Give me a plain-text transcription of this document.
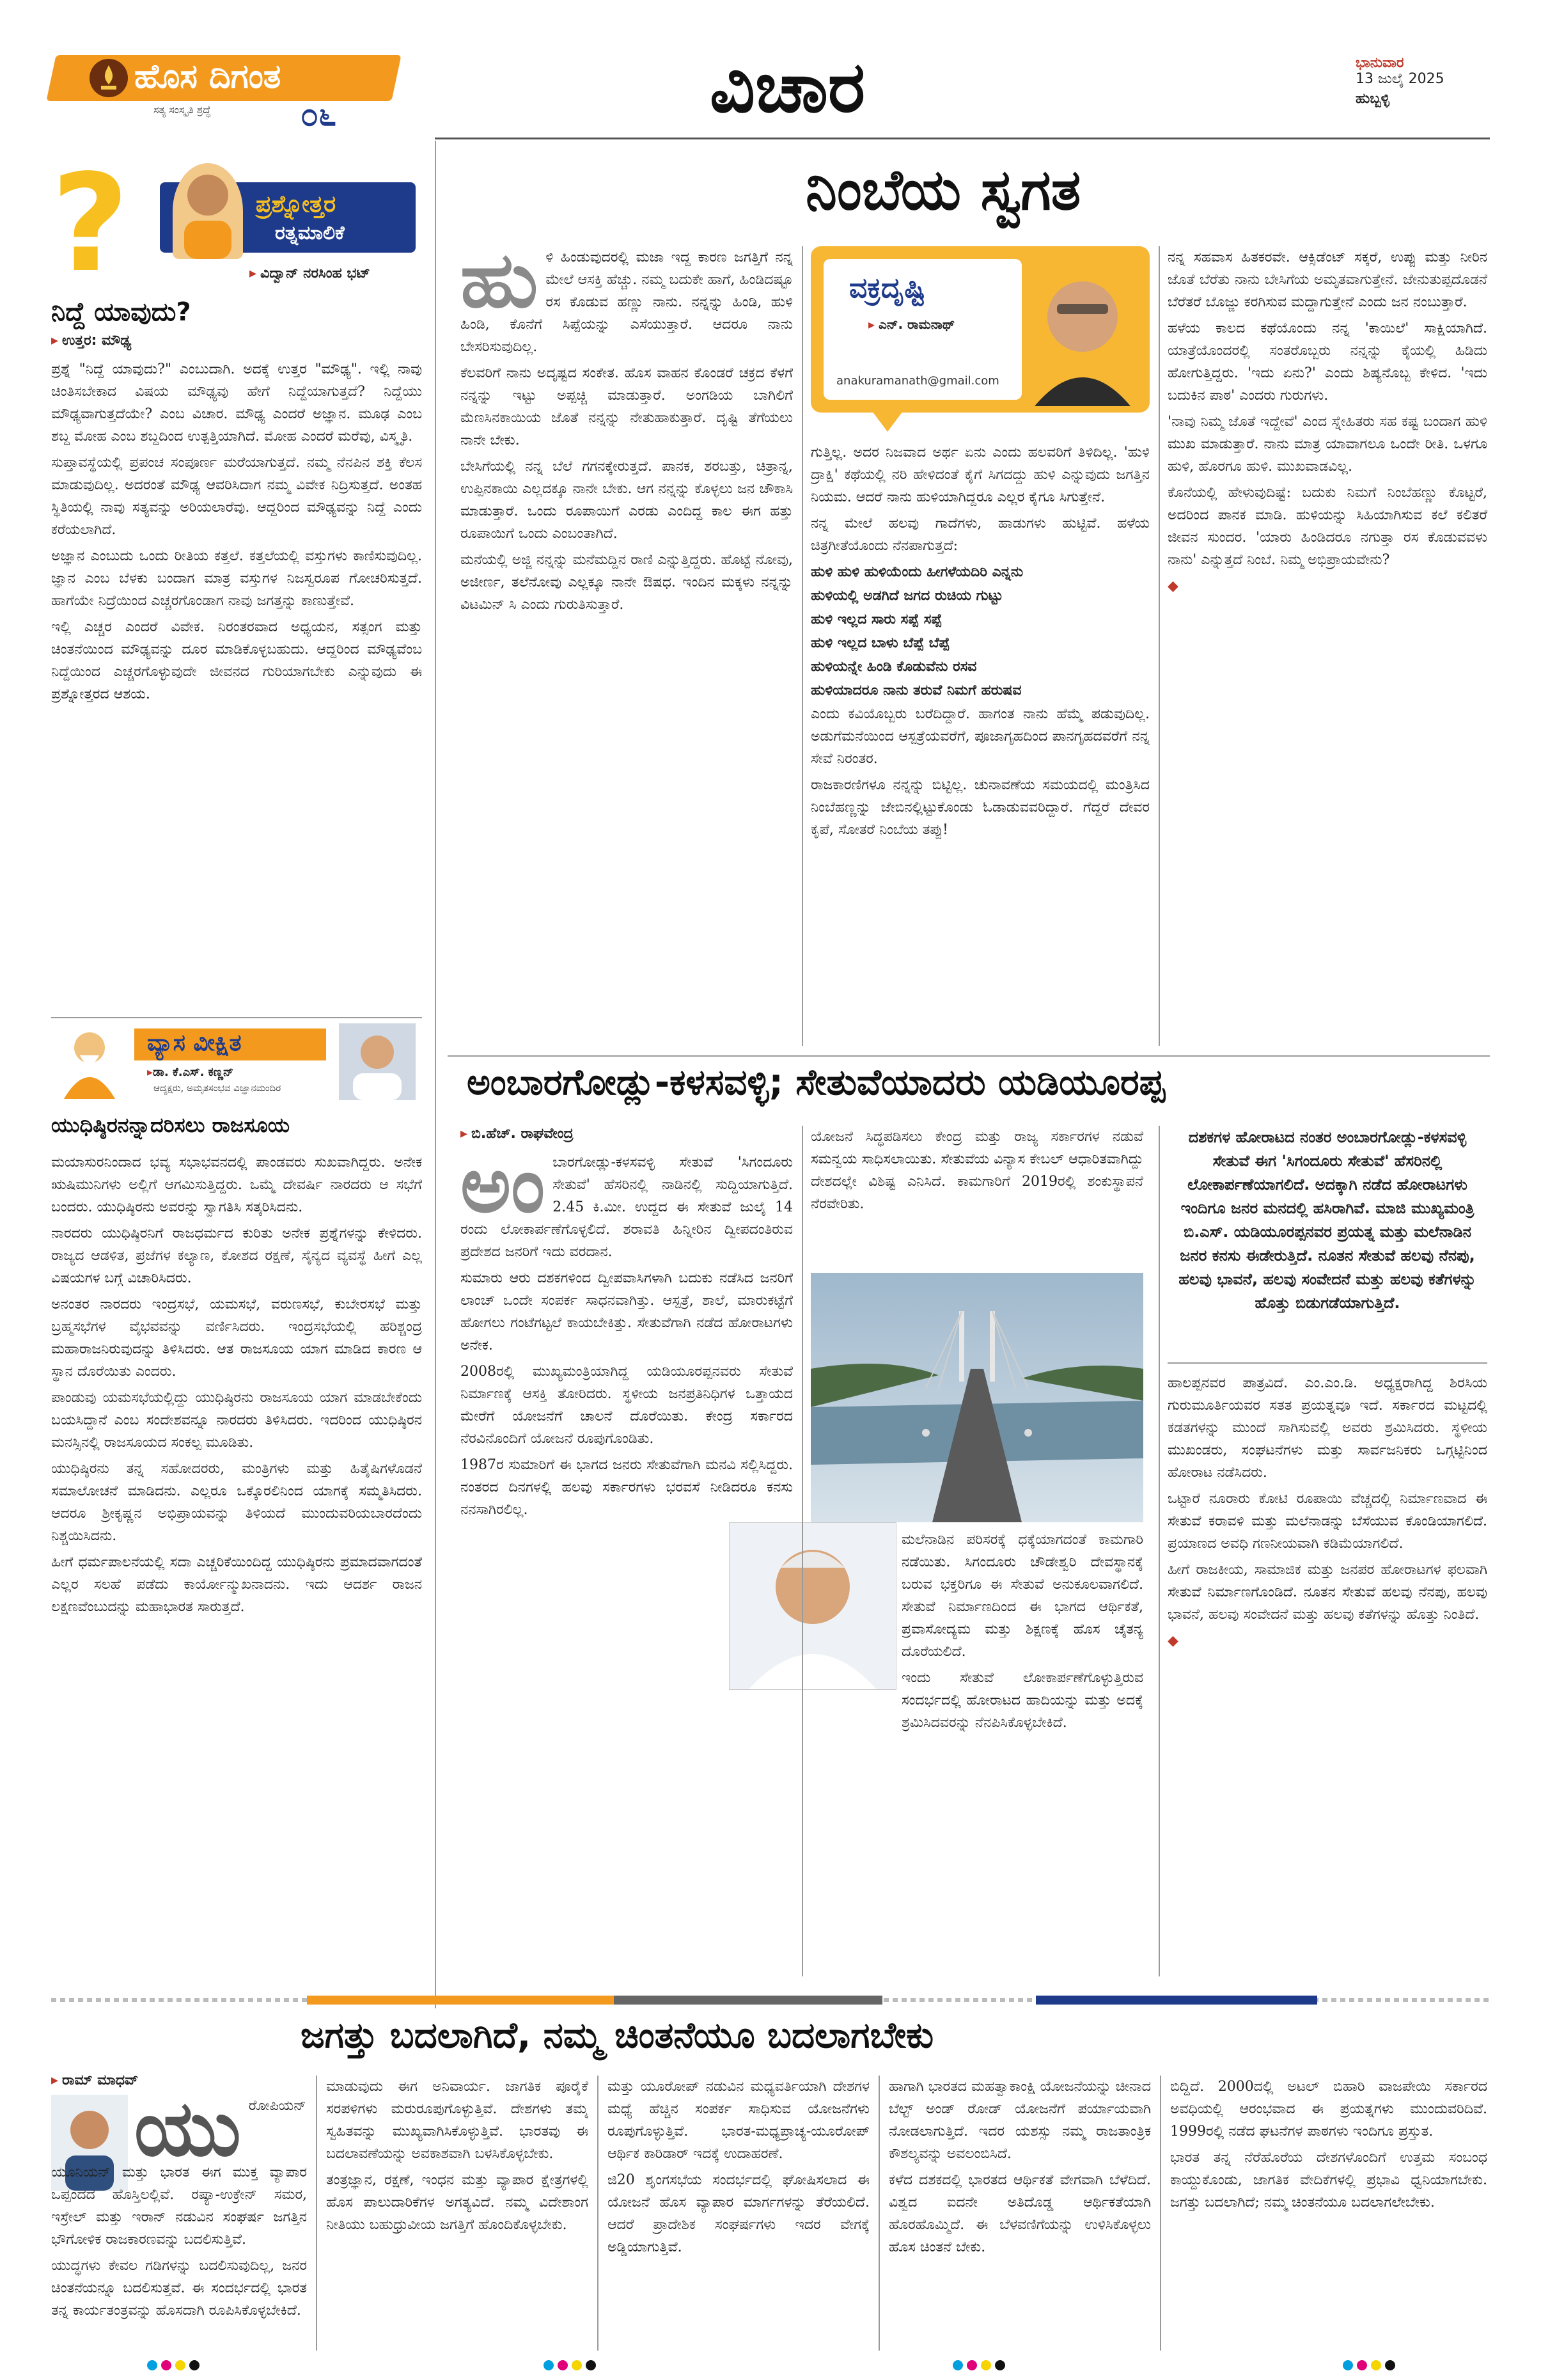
ಹೊಸ ದಿಗಂತ
ಸತ್ಯ ಸಂಸ್ಕೃತಿ ಶ್ರದ್ಧೆ	೦೬	ವಿಚಾರ	ಭಾನುವಾರ
13 ಜುಲೈ 2025
ಹುಬ್ಬಳ್ಳಿ
?	ಪ್ರಶ್ನೋತ್ತರ
ರತ್ನಮಾಲಿಕೆ
▸ ವಿದ್ವಾನ್ ನರಸಿಂಹ ಭಟ್
ನಿದ್ದೆ ಯಾವುದು?
▸ ಉತ್ತರ: ಮೌಢ್ಯ

ಪ್ರಶ್ನೆ "ನಿದ್ದೆ ಯಾವುದು?" ಎಂಬುದಾಗಿ. ಅದಕ್ಕೆ ಉತ್ತರ "ಮೌಢ್ಯ". ಇಲ್ಲಿ ನಾವು ಚಿಂತಿಸಬೇಕಾದ ವಿಷಯ ಮೌಢ್ಯವು ಹೇಗೆ ನಿದ್ದೆಯಾಗುತ್ತದೆ? ನಿದ್ದೆಯು ಮೌಢ್ಯವಾಗುತ್ತದೆಯೇ? ಎಂಬ ವಿಚಾರ. ಮೌಢ್ಯ ಎಂದರೆ ಅಜ್ಞಾನ. ಮೂಢ ಎಂಬ ಶಬ್ದ ಮೋಹ ಎಂಬ ಶಬ್ದದಿಂದ ಉತ್ಪತ್ತಿಯಾಗಿದೆ. ಮೋಹ ಎಂದರೆ ಮರೆವು, ವಿಸ್ಮೃತಿ.

ಸುಪ್ತಾವಸ್ಥೆಯಲ್ಲಿ ಪ್ರಪಂಚ ಸಂಪೂರ್ಣ ಮರೆಯಾಗುತ್ತದೆ. ನಮ್ಮ ನೆನಪಿನ ಶಕ್ತಿ ಕೆಲಸ ಮಾಡುವುದಿಲ್ಲ. ಅದರಂತೆ ಮೌಢ್ಯ ಆವರಿಸಿದಾಗ ನಮ್ಮ ವಿವೇಕ ನಿದ್ರಿಸುತ್ತದೆ. ಅಂತಹ ಸ್ಥಿತಿಯಲ್ಲಿ ನಾವು ಸತ್ಯವನ್ನು ಅರಿಯಲಾರೆವು. ಆದ್ದರಿಂದ ಮೌಢ್ಯವನ್ನು ನಿದ್ದೆ ಎಂದು ಕರೆಯಲಾಗಿದೆ.

ಅಜ್ಞಾನ ಎಂಬುದು ಒಂದು ರೀತಿಯ ಕತ್ತಲೆ. ಕತ್ತಲೆಯಲ್ಲಿ ವಸ್ತುಗಳು ಕಾಣಿಸುವುದಿಲ್ಲ. ಜ್ಞಾನ ಎಂಬ ಬೆಳಕು ಬಂದಾಗ ಮಾತ್ರ ವಸ್ತುಗಳ ನಿಜಸ್ವರೂಪ ಗೋಚರಿಸುತ್ತದೆ. ಹಾಗೆಯೇ ನಿದ್ರೆಯಿಂದ ಎಚ್ಚರಗೊಂಡಾಗ ನಾವು ಜಗತ್ತನ್ನು ಕಾಣುತ್ತೇವೆ.

ಇಲ್ಲಿ ಎಚ್ಚರ ಎಂದರೆ ವಿವೇಕ. ನಿರಂತರವಾದ ಅಧ್ಯಯನ, ಸತ್ಸಂಗ ಮತ್ತು ಚಿಂತನೆಯಿಂದ ಮೌಢ್ಯವನ್ನು ದೂರ ಮಾಡಿಕೊಳ್ಳಬಹುದು. ಆದ್ದರಿಂದ ಮೌಢ್ಯವೆಂಬ ನಿದ್ದೆಯಿಂದ ಎಚ್ಚರಗೊಳ್ಳುವುದೇ ಜೀವನದ ಗುರಿಯಾಗಬೇಕು ಎನ್ನುವುದು ಈ ಪ್ರಶ್ನೋತ್ತರದ ಆಶಯ.

ವ್ಯಾಸ ವೀಕ್ಷಿತ
▸ಡಾ. ಕೆ.ಎಸ್. ಕಣ್ಣನ್
ಆದ್ಯಕ್ಷರು, ಅಮೃತಸಂಭವ ವಿಜ್ಞಾನಮಂದಿರ
ಯುಧಿಷ್ಠಿರನನ್ನಾದರಿಸಲು ರಾಜಸೂಯ

ಮಯಾಸುರನಿಂದಾದ ಭವ್ಯ ಸಭಾಭವನದಲ್ಲಿ ಪಾಂಡವರು ಸುಖವಾಗಿದ್ದರು. ಅನೇಕ ಋಷಿಮುನಿಗಳು ಅಲ್ಲಿಗೆ ಆಗಮಿಸುತ್ತಿದ್ದರು. ಒಮ್ಮೆ ದೇವರ್ಷಿ ನಾರದರು ಆ ಸಭೆಗೆ ಬಂದರು. ಯುಧಿಷ್ಠಿರನು ಅವರನ್ನು ಸ್ವಾಗತಿಸಿ ಸತ್ಕರಿಸಿದನು.

ನಾರದರು ಯುಧಿಷ್ಠಿರನಿಗೆ ರಾಜಧರ್ಮದ ಕುರಿತು ಅನೇಕ ಪ್ರಶ್ನೆಗಳನ್ನು ಕೇಳಿದರು. ರಾಜ್ಯದ ಆಡಳಿತ, ಪ್ರಜೆಗಳ ಕಲ್ಯಾಣ, ಕೋಶದ ರಕ್ಷಣೆ, ಸೈನ್ಯದ ವ್ಯವಸ್ಥೆ ಹೀಗೆ ಎಲ್ಲ ವಿಷಯಗಳ ಬಗ್ಗೆ ವಿಚಾರಿಸಿದರು.

ಅನಂತರ ನಾರದರು ಇಂದ್ರಸಭೆ, ಯಮಸಭೆ, ವರುಣಸಭೆ, ಕುಬೇರಸಭೆ ಮತ್ತು ಬ್ರಹ್ಮಸಭೆಗಳ ವೈಭವವನ್ನು ವರ್ಣಿಸಿದರು. ಇಂದ್ರಸಭೆಯಲ್ಲಿ ಹರಿಶ್ಚಂದ್ರ ಮಹಾರಾಜನಿರುವುದನ್ನು ತಿಳಿಸಿದರು. ಆತ ರಾಜಸೂಯ ಯಾಗ ಮಾಡಿದ ಕಾರಣ ಆ ಸ್ಥಾನ ದೊರೆಯಿತು ಎಂದರು.

ಪಾಂಡುವು ಯಮಸಭೆಯಲ್ಲಿದ್ದು ಯುಧಿಷ್ಠಿರನು ರಾಜಸೂಯ ಯಾಗ ಮಾಡಬೇಕೆಂದು ಬಯಸಿದ್ದಾನೆ ಎಂಬ ಸಂದೇಶವನ್ನೂ ನಾರದರು ತಿಳಿಸಿದರು. ಇದರಿಂದ ಯುಧಿಷ್ಠಿರನ ಮನಸ್ಸಿನಲ್ಲಿ ರಾಜಸೂಯದ ಸಂಕಲ್ಪ ಮೂಡಿತು.

ಯುಧಿಷ್ಠಿರನು ತನ್ನ ಸಹೋದರರು, ಮಂತ್ರಿಗಳು ಮತ್ತು ಹಿತೈಷಿಗಳೊಡನೆ ಸಮಾಲೋಚನೆ ಮಾಡಿದನು. ಎಲ್ಲರೂ ಒಕ್ಕೊರಲಿನಿಂದ ಯಾಗಕ್ಕೆ ಸಮ್ಮತಿಸಿದರು. ಆದರೂ ಶ್ರೀಕೃಷ್ಣನ ಅಭಿಪ್ರಾಯವನ್ನು ತಿಳಿಯದೆ ಮುಂದುವರಿಯಬಾರದೆಂದು ನಿಶ್ಚಯಿಸಿದನು.

ಹೀಗೆ ಧರ್ಮಪಾಲನೆಯಲ್ಲಿ ಸದಾ ಎಚ್ಚರಿಕೆಯಿಂದಿದ್ದ ಯುಧಿಷ್ಠಿರನು ಪ್ರಮಾದವಾಗದಂತೆ ಎಲ್ಲರ ಸಲಹೆ ಪಡೆದು ಕಾರ್ಯೋನ್ಮುಖನಾದನು. ಇದು ಆದರ್ಶ ರಾಜನ ಲಕ್ಷಣವೆಂಬುದನ್ನು ಮಹಾಭಾರತ ಸಾರುತ್ತದೆ.

ನಿಂಬೆಯ ಸ್ವಗತ
ಹು ಳಿ ಹಿಂಡುವುದರಲ್ಲಿ ಮಜಾ ಇದ್ದ ಕಾರಣ ಜಗತ್ತಿಗೆ ನನ್ನ ಮೇಲೆ ಆಸಕ್ತಿ ಹೆಚ್ಚು. ನಮ್ಮ ಬದುಕೇ ಹಾಗೆ, ಹಿಂಡಿದಷ್ಟೂ ರಸ ಕೊಡುವ ಹಣ್ಣು ನಾನು. ನನ್ನನ್ನು ಹಿಂಡಿ, ಹುಳಿ ಹಿಂಡಿ, ಕೊನೆಗೆ ಸಿಪ್ಪೆಯನ್ನು ಎಸೆಯುತ್ತಾರೆ. ಆದರೂ ನಾನು ಬೇಸರಿಸುವುದಿಲ್ಲ.

ಕೆಲವರಿಗೆ ನಾನು ಅದೃಷ್ಟದ ಸಂಕೇತ. ಹೊಸ ವಾಹನ ಕೊಂಡರೆ ಚಕ್ರದ ಕೆಳಗೆ ನನ್ನನ್ನು ಇಟ್ಟು ಅಪ್ಪಚ್ಚಿ ಮಾಡುತ್ತಾರೆ. ಅಂಗಡಿಯ ಬಾಗಿಲಿಗೆ ಮೆಣಸಿನಕಾಯಿಯ ಜೊತೆ ನನ್ನನ್ನು ನೇತುಹಾಕುತ್ತಾರೆ. ದೃಷ್ಟಿ ತೆಗೆಯಲು ನಾನೇ ಬೇಕು.

ಬೇಸಿಗೆಯಲ್ಲಿ ನನ್ನ ಬೆಲೆ ಗಗನಕ್ಕೇರುತ್ತದೆ. ಪಾನಕ, ಶರಬತ್ತು, ಚಿತ್ರಾನ್ನ, ಉಪ್ಪಿನಕಾಯಿ ಎಲ್ಲದಕ್ಕೂ ನಾನೇ ಬೇಕು. ಆಗ ನನ್ನನ್ನು ಕೊಳ್ಳಲು ಜನ ಚೌಕಾಸಿ ಮಾಡುತ್ತಾರೆ. ಒಂದು ರೂಪಾಯಿಗೆ ಎರಡು ಎಂದಿದ್ದ ಕಾಲ ಈಗ ಹತ್ತು ರೂಪಾಯಿಗೆ ಒಂದು ಎಂಬಂತಾಗಿದೆ.

ಮನೆಯಲ್ಲಿ ಅಜ್ಜಿ ನನ್ನನ್ನು ಮನೆಮದ್ದಿನ ರಾಣಿ ಎನ್ನುತ್ತಿದ್ದರು. ಹೊಟ್ಟೆ ನೋವು, ಅಜೀರ್ಣ, ತಲೆನೋವು ಎಲ್ಲಕ್ಕೂ ನಾನೇ ಔಷಧ. ಇಂದಿನ ಮಕ್ಕಳು ನನ್ನನ್ನು ವಿಟಮಿನ್ ಸಿ ಎಂದು ಗುರುತಿಸುತ್ತಾರೆ.

ವಕ್ರದೃಷ್ಟಿ
▸ ಎನ್. ರಾಮನಾಥ್
anakuramanath@gmail.com

ಗುತ್ತಿಲ್ಲ. ಅದರ ನಿಜವಾದ ಅರ್ಥ ಏನು ಎಂದು ಹಲವರಿಗೆ ತಿಳಿದಿಲ್ಲ. 'ಹುಳಿ ದ್ರಾಕ್ಷಿ' ಕಥೆಯಲ್ಲಿ ನರಿ ಹೇಳಿದಂತೆ ಕೈಗೆ ಸಿಗದದ್ದು ಹುಳಿ ಎನ್ನುವುದು ಜಗತ್ತಿನ ನಿಯಮ. ಆದರೆ ನಾನು ಹುಳಿಯಾಗಿದ್ದರೂ ಎಲ್ಲರ ಕೈಗೂ ಸಿಗುತ್ತೇನೆ.

ನನ್ನ ಮೇಲೆ ಹಲವು ಗಾದೆಗಳು, ಹಾಡುಗಳು ಹುಟ್ಟಿವೆ. ಹಳೆಯ ಚಿತ್ರಗೀತೆಯೊಂದು ನೆನಪಾಗುತ್ತದೆ:

ಹುಳಿ ಹುಳಿ ಹುಳಿಯೆಂದು ಹೀಗಳೆಯದಿರಿ ಎನ್ನನು

ಹುಳಿಯಲ್ಲಿ ಅಡಗಿದೆ ಜಗದ ರುಚಿಯ ಗುಟ್ಟು

ಹುಳಿ ಇಲ್ಲದ ಸಾರು ಸಪ್ಪೆ ಸಪ್ಪೆ

ಹುಳಿ ಇಲ್ಲದ ಬಾಳು ಬೆಪ್ಪೆ ಬೆಪ್ಪೆ

ಹುಳಿಯನ್ನೇ ಹಿಂಡಿ ಕೊಡುವೆನು ರಸವ

ಹುಳಿಯಾದರೂ ನಾನು ತರುವೆ ನಿಮಗೆ ಹರುಷವ

ಎಂದು ಕವಿಯೊಬ್ಬರು ಬರೆದಿದ್ದಾರೆ. ಹಾಗಂತ ನಾನು ಹೆಮ್ಮೆ ಪಡುವುದಿಲ್ಲ. ಅಡುಗೆಮನೆಯಿಂದ ಆಸ್ಪತ್ರೆಯವರೆಗೆ, ಪೂಜಾಗೃಹದಿಂದ ಪಾನಗೃಹದವರೆಗೆ ನನ್ನ ಸೇವೆ ನಿರಂತರ.

ರಾಜಕಾರಣಿಗಳೂ ನನ್ನನ್ನು ಬಿಟ್ಟಿಲ್ಲ. ಚುನಾವಣೆಯ ಸಮಯದಲ್ಲಿ ಮಂತ್ರಿಸಿದ ನಿಂಬೆಹಣ್ಣನ್ನು ಜೇಬಿನಲ್ಲಿಟ್ಟುಕೊಂಡು ಓಡಾಡುವವರಿದ್ದಾರೆ. ಗೆದ್ದರೆ ದೇವರ ಕೃಪೆ, ಸೋತರೆ ನಿಂಬೆಯ ತಪ್ಪು!

ನನ್ನ ಸಹವಾಸ ಹಿತಕರವೇ. ಆಕ್ಸಿಡೆಂಟ್ ಸಕ್ಕರೆ, ಉಪ್ಪು ಮತ್ತು ನೀರಿನ ಜೊತೆ ಬೆರೆತು ನಾನು ಬೇಸಿಗೆಯ ಅಮೃತವಾಗುತ್ತೇನೆ. ಜೇನುತುಪ್ಪದೊಡನೆ ಬೆರೆತರೆ ಬೊಜ್ಜು ಕರಗಿಸುವ ಮದ್ದಾಗುತ್ತೇನೆ ಎಂದು ಜನ ನಂಬುತ್ತಾರೆ.

ಹಳೆಯ ಕಾಲದ ಕಥೆಯೊಂದು ನನ್ನ 'ಕಾಯಿಲೆ' ಸಾಕ್ಷಿಯಾಗಿದೆ. ಯಾತ್ರೆಯೊಂದರಲ್ಲಿ ಸಂತರೊಬ್ಬರು ನನ್ನನ್ನು ಕೈಯಲ್ಲಿ ಹಿಡಿದು ಹೋಗುತ್ತಿದ್ದರು. 'ಇದು ಏನು?' ಎಂದು ಶಿಷ್ಯನೊಬ್ಬ ಕೇಳಿದ. 'ಇದು ಬದುಕಿನ ಪಾಠ' ಎಂದರು ಗುರುಗಳು.

'ನಾವು ನಿಮ್ಮ ಜೊತೆ ಇದ್ದೇವೆ' ಎಂದ ಸ್ನೇಹಿತರು ಸಹ ಕಷ್ಟ ಬಂದಾಗ ಹುಳಿ ಮುಖ ಮಾಡುತ್ತಾರೆ. ನಾನು ಮಾತ್ರ ಯಾವಾಗಲೂ ಒಂದೇ ರೀತಿ. ಒಳಗೂ ಹುಳಿ, ಹೊರಗೂ ಹುಳಿ. ಮುಖವಾಡವಿಲ್ಲ.

ಕೊನೆಯಲ್ಲಿ ಹೇಳುವುದಿಷ್ಟೆ: ಬದುಕು ನಿಮಗೆ ನಿಂಬೆಹಣ್ಣು ಕೊಟ್ಟರೆ, ಅದರಿಂದ ಪಾನಕ ಮಾಡಿ. ಹುಳಿಯನ್ನು ಸಿಹಿಯಾಗಿಸುವ ಕಲೆ ಕಲಿತರೆ ಜೀವನ ಸುಂದರ. 'ಯಾರು ಹಿಂಡಿದರೂ ನಗುತ್ತಾ ರಸ ಕೊಡುವವಳು ನಾನು' ಎನ್ನುತ್ತದೆ ನಿಂಬೆ. ನಿಮ್ಮ ಅಭಿಪ್ರಾಯವೇನು?

◆
ಅಂಬಾರಗೋಡ್ಲು-ಕಳಸವಳ್ಳಿ; ಸೇತುವೆಯಾದರು ಯಡಿಯೂರಪ್ಪ
▸ ಬಿ.ಹೆಚ್. ರಾಘವೇಂದ್ರ
ಅಂ ಬಾರಗೋಡ್ಲು-ಕಳಸವಳ್ಳಿ ಸೇತುವೆ 'ಸಿಗಂದೂರು ಸೇತುವೆ' ಹೆಸರಿನಲ್ಲಿ ನಾಡಿನಲ್ಲಿ ಸುದ್ದಿಯಾಗುತ್ತಿದೆ. 2.45 ಕಿ.ಮೀ. ಉದ್ದದ ಈ ಸೇತುವೆ ಜುಲೈ 14 ರಂದು ಲೋಕಾರ್ಪಣೆಗೊಳ್ಳಲಿದೆ. ಶರಾವತಿ ಹಿನ್ನೀರಿನ ದ್ವೀಪದಂತಿರುವ ಪ್ರದೇಶದ ಜನರಿಗೆ ಇದು ವರದಾನ.

ಸುಮಾರು ಆರು ದಶಕಗಳಿಂದ ದ್ವೀಪವಾಸಿಗಳಾಗಿ ಬದುಕು ನಡೆಸಿದ ಜನರಿಗೆ ಲಾಂಚ್ ಒಂದೇ ಸಂಪರ್ಕ ಸಾಧನವಾಗಿತ್ತು. ಆಸ್ಪತ್ರೆ, ಶಾಲೆ, ಮಾರುಕಟ್ಟೆಗೆ ಹೋಗಲು ಗಂಟೆಗಟ್ಟಲೆ ಕಾಯಬೇಕಿತ್ತು. ಸೇತುವೆಗಾಗಿ ನಡೆದ ಹೋರಾಟಗಳು ಅನೇಕ.

2008ರಲ್ಲಿ ಮುಖ್ಯಮಂತ್ರಿಯಾಗಿದ್ದ ಯಡಿಯೂರಪ್ಪನವರು ಸೇತುವೆ ನಿರ್ಮಾಣಕ್ಕೆ ಆಸಕ್ತಿ ತೋರಿದರು. ಸ್ಥಳೀಯ ಜನಪ್ರತಿನಿಧಿಗಳ ಒತ್ತಾಯದ ಮೇರೆಗೆ ಯೋಜನೆಗೆ ಚಾಲನೆ ದೊರೆಯಿತು. ಕೇಂದ್ರ ಸರ್ಕಾರದ ನೆರವಿನೊಂದಿಗೆ ಯೋಜನೆ ರೂಪುಗೊಂಡಿತು.

1987ರ ಸುಮಾರಿಗೆ ಈ ಭಾಗದ ಜನರು ಸೇತುವೆಗಾಗಿ ಮನವಿ ಸಲ್ಲಿಸಿದ್ದರು. ನಂತರದ ದಿನಗಳಲ್ಲಿ ಹಲವು ಸರ್ಕಾರಗಳು ಭರವಸೆ ನೀಡಿದರೂ ಕನಸು ನನಸಾಗಿರಲಿಲ್ಲ.

ಯೋಜನೆ ಸಿದ್ಧಪಡಿಸಲು ಕೇಂದ್ರ ಮತ್ತು ರಾಜ್ಯ ಸರ್ಕಾರಗಳ ನಡುವೆ ಸಮನ್ವಯ ಸಾಧಿಸಲಾಯಿತು. ಸೇತುವೆಯ ವಿನ್ಯಾಸ ಕೇಬಲ್ ಆಧಾರಿತವಾಗಿದ್ದು ದೇಶದಲ್ಲೇ ವಿಶಿಷ್ಟ ಎನಿಸಿದೆ. ಕಾಮಗಾರಿಗೆ 2019ರಲ್ಲಿ ಶಂಕುಸ್ಥಾಪನೆ ನೆರವೇರಿತು.

ಮಲೆನಾಡಿನ ಪರಿಸರಕ್ಕೆ ಧಕ್ಕೆಯಾಗದಂತೆ ಕಾಮಗಾರಿ ನಡೆಯಿತು. ಸಿಗಂದೂರು ಚೌಡೇಶ್ವರಿ ದೇವಸ್ಥಾನಕ್ಕೆ ಬರುವ ಭಕ್ತರಿಗೂ ಈ ಸೇತುವೆ ಅನುಕೂಲವಾಗಲಿದೆ. ಸೇತುವೆ ನಿರ್ಮಾಣದಿಂದ ಈ ಭಾಗದ ಆರ್ಥಿಕತೆ, ಪ್ರವಾಸೋದ್ಯಮ ಮತ್ತು ಶಿಕ್ಷಣಕ್ಕೆ ಹೊಸ ಚೈತನ್ಯ ದೊರೆಯಲಿದೆ.

ಇಂದು ಸೇತುವೆ ಲೋಕಾರ್ಪಣೆಗೊಳ್ಳುತ್ತಿರುವ ಸಂದರ್ಭದಲ್ಲಿ ಹೋರಾಟದ ಹಾದಿಯನ್ನು ಮತ್ತು ಅದಕ್ಕೆ ಶ್ರಮಿಸಿದವರನ್ನು ನೆನಪಿಸಿಕೊಳ್ಳಬೇಕಿದೆ.

ದಶಕಗಳ ಹೋರಾಟದ ನಂತರ ಅಂಬಾರಗೋಡ್ಲು-ಕಳಸವಳ್ಳಿ ಸೇತುವೆ ಈಗ 'ಸಿಗಂದೂರು ಸೇತುವೆ' ಹೆಸರಿನಲ್ಲಿ ಲೋಕಾರ್ಪಣೆಯಾಗಲಿದೆ. ಅದಕ್ಕಾಗಿ ನಡೆದ ಹೋರಾಟಗಳು ಇಂದಿಗೂ ಜನರ ಮನದಲ್ಲಿ ಹಸಿರಾಗಿವೆ. ಮಾಜಿ ಮುಖ್ಯಮಂತ್ರಿ ಬಿ.ಎಸ್. ಯಡಿಯೂರಪ್ಪನವರ ಪ್ರಯತ್ನ ಮತ್ತು ಮಲೆನಾಡಿನ ಜನರ ಕನಸು ಈಡೇರುತ್ತಿದೆ. ನೂತನ ಸೇತುವೆ ಹಲವು ನೆನಪು, ಹಲವು ಭಾವನೆ, ಹಲವು ಸಂವೇದನೆ ಮತ್ತು ಹಲವು ಕತೆಗಳನ್ನು ಹೊತ್ತು ಬಿಡುಗಡೆಯಾಗುತ್ತಿದೆ.

ಹಾಲಪ್ಪನವರ ಪಾತ್ರವಿದೆ. ಎಂ.ಎಂ.ಡಿ. ಅಧ್ಯಕ್ಷರಾಗಿದ್ದ ಶಿರಸಿಯ ಗುರುಮೂರ್ತಿಯವರ ಸತತ ಪ್ರಯತ್ನವೂ ಇದೆ. ಸರ್ಕಾರದ ಮಟ್ಟದಲ್ಲಿ ಕಡತಗಳನ್ನು ಮುಂದೆ ಸಾಗಿಸುವಲ್ಲಿ ಅವರು ಶ್ರಮಿಸಿದರು. ಸ್ಥಳೀಯ ಮುಖಂಡರು, ಸಂಘಟನೆಗಳು ಮತ್ತು ಸಾರ್ವಜನಿಕರು ಒಗ್ಗಟ್ಟಿನಿಂದ ಹೋರಾಟ ನಡೆಸಿದರು.

ಒಟ್ಟಾರೆ ನೂರಾರು ಕೋಟಿ ರೂಪಾಯಿ ವೆಚ್ಚದಲ್ಲಿ ನಿರ್ಮಾಣವಾದ ಈ ಸೇತುವೆ ಕರಾವಳಿ ಮತ್ತು ಮಲೆನಾಡನ್ನು ಬೆಸೆಯುವ ಕೊಂಡಿಯಾಗಲಿದೆ. ಪ್ರಯಾಣದ ಅವಧಿ ಗಣನೀಯವಾಗಿ ಕಡಿಮೆಯಾಗಲಿದೆ.

ಹೀಗೆ ರಾಜಕೀಯ, ಸಾಮಾಜಿಕ ಮತ್ತು ಜನಪರ ಹೋರಾಟಗಳ ಫಲವಾಗಿ ಸೇತುವೆ ನಿರ್ಮಾಣಗೊಂಡಿದೆ. ನೂತನ ಸೇತುವೆ ಹಲವು ನೆನಪು, ಹಲವು ಭಾವನೆ, ಹಲವು ಸಂವೇದನೆ ಮತ್ತು ಹಲವು ಕತೆಗಳನ್ನು ಹೊತ್ತು ನಿಂತಿದೆ.

◆
ಜಗತ್ತು ಬದಲಾಗಿದೆ, ನಮ್ಮ ಚಿಂತನೆಯೂ ಬದಲಾಗಬೇಕು
▸ ರಾಮ್ ಮಾಧವ್
ಯು ರೋಪಿಯನ್ ಯೂನಿಯನ್ ಮತ್ತು ಭಾರತ ಈಗ ಮುಕ್ತ ವ್ಯಾಪಾರ ಒಪ್ಪಂದದ ಹೊಸ್ತಿಲಲ್ಲಿವೆ. ರಷ್ಯಾ-ಉಕ್ರೇನ್ ಸಮರ, ಇಸ್ರೇಲ್ ಮತ್ತು ಇರಾನ್ ನಡುವಿನ ಸಂಘರ್ಷ ಜಗತ್ತಿನ ಭೌಗೋಳಿಕ ರಾಜಕಾರಣವನ್ನು ಬದಲಿಸುತ್ತಿವೆ.

ಯುದ್ಧಗಳು ಕೇವಲ ಗಡಿಗಳನ್ನು ಬದಲಿಸುವುದಿಲ್ಲ, ಜನರ ಚಿಂತನೆಯನ್ನೂ ಬದಲಿಸುತ್ತವೆ. ಈ ಸಂದರ್ಭದಲ್ಲಿ ಭಾರತ ತನ್ನ ಕಾರ್ಯತಂತ್ರವನ್ನು ಹೊಸದಾಗಿ ರೂಪಿಸಿಕೊಳ್ಳಬೇಕಿದೆ.

ಮಾಡುವುದು ಈಗ ಅನಿವಾರ್ಯ. ಜಾಗತಿಕ ಪೂರೈಕೆ ಸರಪಳಿಗಳು ಮರುರೂಪುಗೊಳ್ಳುತ್ತಿವೆ. ದೇಶಗಳು ತಮ್ಮ ಸ್ವಹಿತವನ್ನು ಮುಖ್ಯವಾಗಿಸಿಕೊಳ್ಳುತ್ತಿವೆ. ಭಾರತವು ಈ ಬದಲಾವಣೆಯನ್ನು ಅವಕಾಶವಾಗಿ ಬಳಸಿಕೊಳ್ಳಬೇಕು.

ತಂತ್ರಜ್ಞಾನ, ರಕ್ಷಣೆ, ಇಂಧನ ಮತ್ತು ವ್ಯಾಪಾರ ಕ್ಷೇತ್ರಗಳಲ್ಲಿ ಹೊಸ ಪಾಲುದಾರಿಕೆಗಳ ಅಗತ್ಯವಿದೆ. ನಮ್ಮ ವಿದೇಶಾಂಗ ನೀತಿಯು ಬಹುಧ್ರುವೀಯ ಜಗತ್ತಿಗೆ ಹೊಂದಿಕೊಳ್ಳಬೇಕು.

ಮತ್ತು ಯೂರೋಪ್ ನಡುವಿನ ಮಧ್ಯವರ್ತಿಯಾಗಿ ದೇಶಗಳ ಮಧ್ಯೆ ಹೆಚ್ಚಿನ ಸಂಪರ್ಕ ಸಾಧಿಸುವ ಯೋಜನೆಗಳು ರೂಪುಗೊಳ್ಳುತ್ತಿವೆ. ಭಾರತ-ಮಧ್ಯಪ್ರಾಚ್ಯ-ಯೂರೋಪ್ ಆರ್ಥಿಕ ಕಾರಿಡಾರ್ ಇದಕ್ಕೆ ಉದಾಹರಣೆ.

ಜಿ20 ಶೃಂಗಸಭೆಯ ಸಂದರ್ಭದಲ್ಲಿ ಘೋಷಿಸಲಾದ ಈ ಯೋಜನೆ ಹೊಸ ವ್ಯಾಪಾರ ಮಾರ್ಗಗಳನ್ನು ತೆರೆಯಲಿದೆ. ಆದರೆ ಪ್ರಾದೇಶಿಕ ಸಂಘರ್ಷಗಳು ಇದರ ವೇಗಕ್ಕೆ ಅಡ್ಡಿಯಾಗುತ್ತಿವೆ.

ಹಾಗಾಗಿ ಭಾರತದ ಮಹತ್ವಾಕಾಂಕ್ಷಿ ಯೋಜನೆಯನ್ನು ಚೀನಾದ ಬೆಲ್ಟ್ ಅಂಡ್ ರೋಡ್ ಯೋಜನೆಗೆ ಪರ್ಯಾಯವಾಗಿ ನೋಡಲಾಗುತ್ತಿದೆ. ಇದರ ಯಶಸ್ಸು ನಮ್ಮ ರಾಜತಾಂತ್ರಿಕ ಕೌಶಲ್ಯವನ್ನು ಅವಲಂಬಿಸಿದೆ.

ಕಳೆದ ದಶಕದಲ್ಲಿ ಭಾರತದ ಆರ್ಥಿಕತೆ ವೇಗವಾಗಿ ಬೆಳೆದಿದೆ. ವಿಶ್ವದ ಐದನೇ ಅತಿದೊಡ್ಡ ಆರ್ಥಿಕತೆಯಾಗಿ ಹೊರಹೊಮ್ಮಿದೆ. ಈ ಬೆಳವಣಿಗೆಯನ್ನು ಉಳಿಸಿಕೊಳ್ಳಲು ಹೊಸ ಚಿಂತನೆ ಬೇಕು.

ಬಿದ್ದಿದೆ. 2000ದಲ್ಲಿ ಅಟಲ್ ಬಿಹಾರಿ ವಾಜಪೇಯಿ ಸರ್ಕಾರದ ಅವಧಿಯಲ್ಲಿ ಆರಂಭವಾದ ಈ ಪ್ರಯತ್ನಗಳು ಮುಂದುವರಿದಿವೆ. 1999ರಲ್ಲಿ ನಡೆದ ಘಟನೆಗಳ ಪಾಠಗಳು ಇಂದಿಗೂ ಪ್ರಸ್ತುತ.

ಭಾರತ ತನ್ನ ನೆರೆಹೊರೆಯ ದೇಶಗಳೊಂದಿಗೆ ಉತ್ತಮ ಸಂಬಂಧ ಕಾಯ್ದುಕೊಂಡು, ಜಾಗತಿಕ ವೇದಿಕೆಗಳಲ್ಲಿ ಪ್ರಭಾವಿ ಧ್ವನಿಯಾಗಬೇಕು. ಜಗತ್ತು ಬದಲಾಗಿದೆ; ನಮ್ಮ ಚಿಂತನೆಯೂ ಬದಲಾಗಲೇಬೇಕು.
